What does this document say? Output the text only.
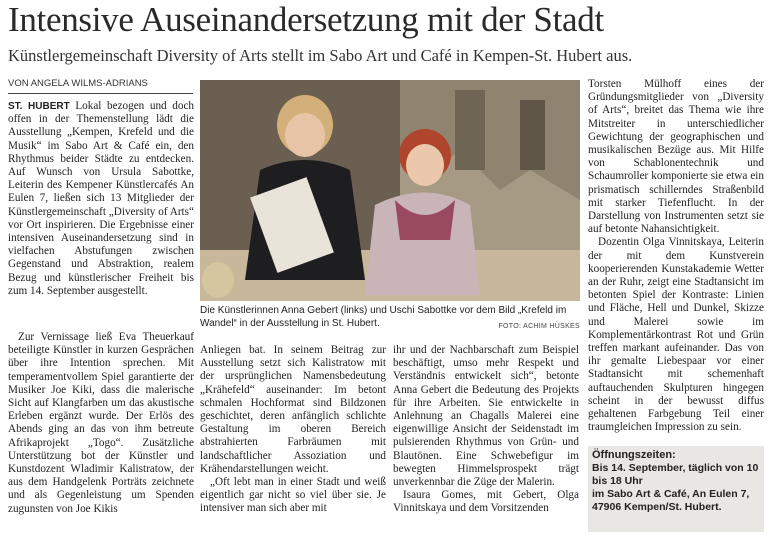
Intensive Auseinandersetzung mit der Stadt
Künstlergemeinschaft Diversity of Arts stellt im Sabo Art und Café in Kempen-St. Hubert aus.
VON ANGELA WILMS-ADRIANS

ST. HUBERT Lokal bezogen und doch offen in der Themenstellung lädt die Ausstellung „Kempen, Krefeld und die Musik“ im Sabo Art & Café ein, den Rhythmus beider Städte zu entdecken. Auf Wunsch von Ursula Sabottke, Leiterin des Kempener Künstlercafés An Eulen 7, ließen sich 13 Mitglieder der Künstlergemeinschaft „Diversity of Arts“ vor Ort inspirieren. Die Ergebnisse einer intensiven Auseinandersetzung sind in vielfachen Abstufungen zwischen Gegenstand und Abstraktion, realem Bezug und künstlerischer Freiheit bis zum 14. September ausgestellt.

Zur Vernissage ließ Eva Theuerkauf beteiligte Künstler in kurzen Gesprächen über ihre Intention sprechen. Mit temperamentvollem Spiel garantierte der Musiker Joe Kiki, dass die malerische Sicht auf Klangfarben um das akustische Erleben ergänzt wurde. Der Erlös des Abends ging an das von ihm betreute Afrikaprojekt „Togo“. Zusätzliche Unterstützung bot der Künstler und Kunstdozent Wladimir Kalistratow, der aus dem Handgelenk Porträts zeichnete und als Gegenleistung um Spenden zugunsten von Joe Kikis

Die Künstlerinnen Anna Gebert (links) und Uschi Sabottke vor dem Bild „Krefeld im Wandel“ in der Ausstellung in St. Hubert.	FOTO: ACHIM HÜSKES

Anliegen bat. In seinem Beitrag zur Ausstellung setzt sich Kalistratow mit der ursprünglichen Namensbedeutung „Krähefeld“ auseinander: Im betont schmalen Hochformat sind Bildzonen geschichtet, deren anfänglich schlichte Gestaltung im oberen Bereich abstrahierten Farbräumen mit landschaftlicher Assoziation und Krähendarstellungen weicht.

„Oft lebt man in einer Stadt und weiß eigentlich gar nicht so viel über sie. Je intensiver man sich aber mit

ihr und der Nachbarschaft zum Beispiel beschäftigt, umso mehr Respekt und Verständnis entwickelt sich“, betonte Anna Gebert die Bedeutung des Projekts für ihre Arbeiten. Sie entwickelte in Anlehnung an Chagalls Malerei eine eigenwillige Ansicht der Seidenstadt im pulsierenden Rhythmus von Grün- und Blautönen. Eine Schwebefigur im bewegten Himmelsprospekt trägt unverkennbar die Züge der Malerin.

Isaura Gomes, mit Gebert, Olga Vinnitskaya und dem Vorsitzenden

Torsten Mülhoff eines der Gründungsmitglieder von „Diversity of Arts“, breitet das Thema wie ihre Mitstreiter in unterschiedlicher Gewichtung der geographischen und musikalischen Bezüge aus. Mit Hilfe von Schablonentechnik und Schaumroller komponierte sie etwa ein prismatisch schillerndes Straßenbild mit starker Tiefenflucht. In der Darstellung von Instrumenten setzt sie auf betonte Nahansichtigkeit.

Dozentin Olga Vinnitskaya, Leiterin der mit dem Kunstverein kooperierenden Kunstakademie Wetter an der Ruhr, zeigt eine Stadtansicht im betonten Spiel der Kontraste: Linien und Fläche, Hell und Dunkel, Skizze und Malerei sowie im Komplementärkontrast Rot und Grün treffen markant aufeinander. Das von ihr gemalte Liebespaar vor einer Stadtansicht mit schemenhaft auftauchenden Skulpturen hingegen scheint in der bewusst diffus gehaltenen Farbgebung Teil einer traumgleichen Impression zu sein.

Öffnungszeiten:
Bis 14. September, täglich von 10 bis 18 Uhr
im Sabo Art & Café, An Eulen 7, 47906 Kempen/St. Hubert.
